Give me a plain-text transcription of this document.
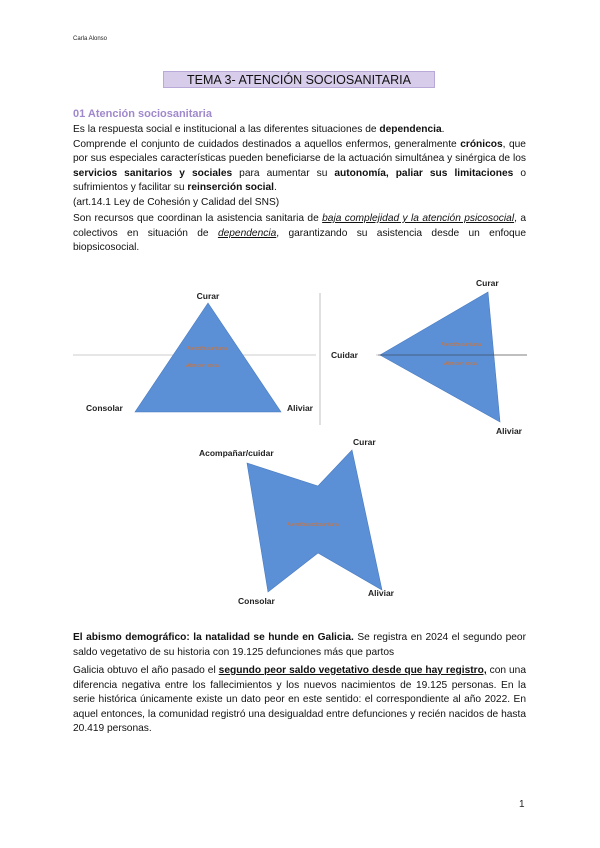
Carla Alonso
TEMA 3- ATENCIÓN SOCIOSANITARIA
01 Atención sociosanitaria
Es la respuesta social e institucional a las diferentes situaciones de dependencia.
Comprende el conjunto de cuidados destinados a aquellos enfermos, generalmente crónicos, que por sus especiales características pueden beneficiarse de la actuación simultánea y sinérgica de los servicios sanitarios y sociales para aumentar su autonomía, paliar sus limitaciones o sufrimientos y facilitar su reinserción social.
(art.14.1 Ley de Cohesión y Calidad del SNS)
Son recursos que coordinan la asistencia sanitaria de baja complejidad y la atención psicosocial, a colectivos en situación de dependencia, garantizando su asistencia desde un enfoque biopsicosocial.
Curar
Consolar	Aliviar
Atención sanitaria
Atención social
Curar
Cuidar
Aliviar
Atención sanitaria
Atención social
Acompañar/cuidar
Curar
Consolar
Aliviar
Atención sociosanitaria
El abismo demográfico: la natalidad se hunde en Galicia. Se registra en 2024 el segundo peor saldo vegetativo de su historia con 19.125 defunciones más que partos
Galicia obtuvo el año pasado el segundo peor saldo vegetativo desde que hay registro, con una diferencia negativa entre los fallecimientos y los nuevos nacimientos de 19.125 personas. En la serie histórica únicamente existe un dato peor en este sentido: el correspondiente al año 2022. En aquel entonces, la comunidad registró una desigualdad entre defunciones y recién nacidos de hasta 20.419 personas.
1
